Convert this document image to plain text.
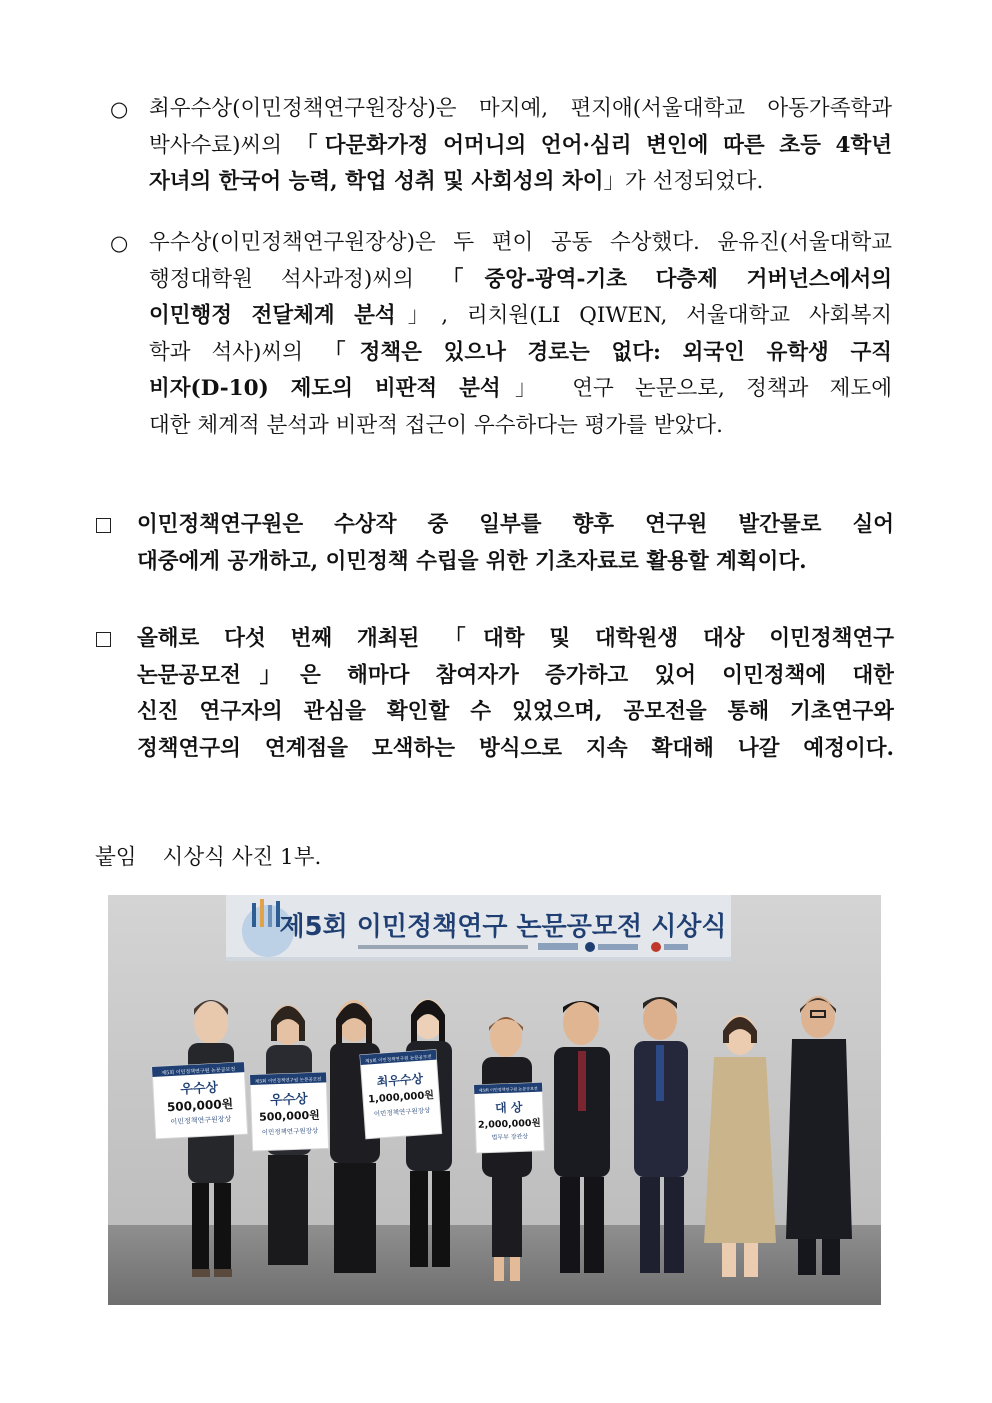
○ 최우수상(이민정책연구원장상)은 마지예, 편지애(서울대학교 아동가족학과
박사수료)씨의 「다문화가정 어머니의 언어·심리 변인에 따른 초등 4학년
자녀의 한국어 능력, 학업 성취 및 사회성의 차이」가 선정되었다.
○ 우수상(이민정책연구원장상)은 두 편이 공동 수상했다. 윤유진(서울대학교
행정대학원 석사과정)씨의 「중앙-광역-기초 다층제 거버넌스에서의
이민행정 전달체계 분석」, 리치원(LI QIWEN, 서울대학교 사회복지
학과 석사)씨의 「정책은 있으나 경로는 없다: 외국인 유학생 구직
비자(D-10) 제도의 비판적 분석」 연구 논문으로, 정책과 제도에
대한 체계적 분석과 비판적 접근이 우수하다는 평가를 받았다.
이민정책연구원은 수상작 중 일부를 향후 연구원 발간물로 실어
대중에게 공개하고, 이민정책 수립을 위한 기초자료로 활용할 계획이다.
올해로 다섯 번째 개최된 「대학 및 대학원생 대상 이민정책연구
논문공모전」은 해마다 참여자가 증가하고 있어 이민정책에 대한
신진 연구자의 관심을 확인할 수 있었으며, 공모전을 통해 기초연구와
정책연구의 연계점을 모색하는 방식으로 지속 확대해 나갈 예정이다.
붙임 시상식 사진 1부.
제5회 이민정책연구 논문공모전 시상식
제5회 이민정책연구원 논문공모전
우수상
500,000원
이민정책연구원장상
제5회 이민정책연구원 논문공모전
우수상
500,000원
이민정책연구원장상
제5회 이민정책연구원 논문공모전
최우수상
1,000,000원
이민정책연구원장상
제5회 이민정책연구원 논문공모전
대 상
2,000,000원
법무부 장관상
